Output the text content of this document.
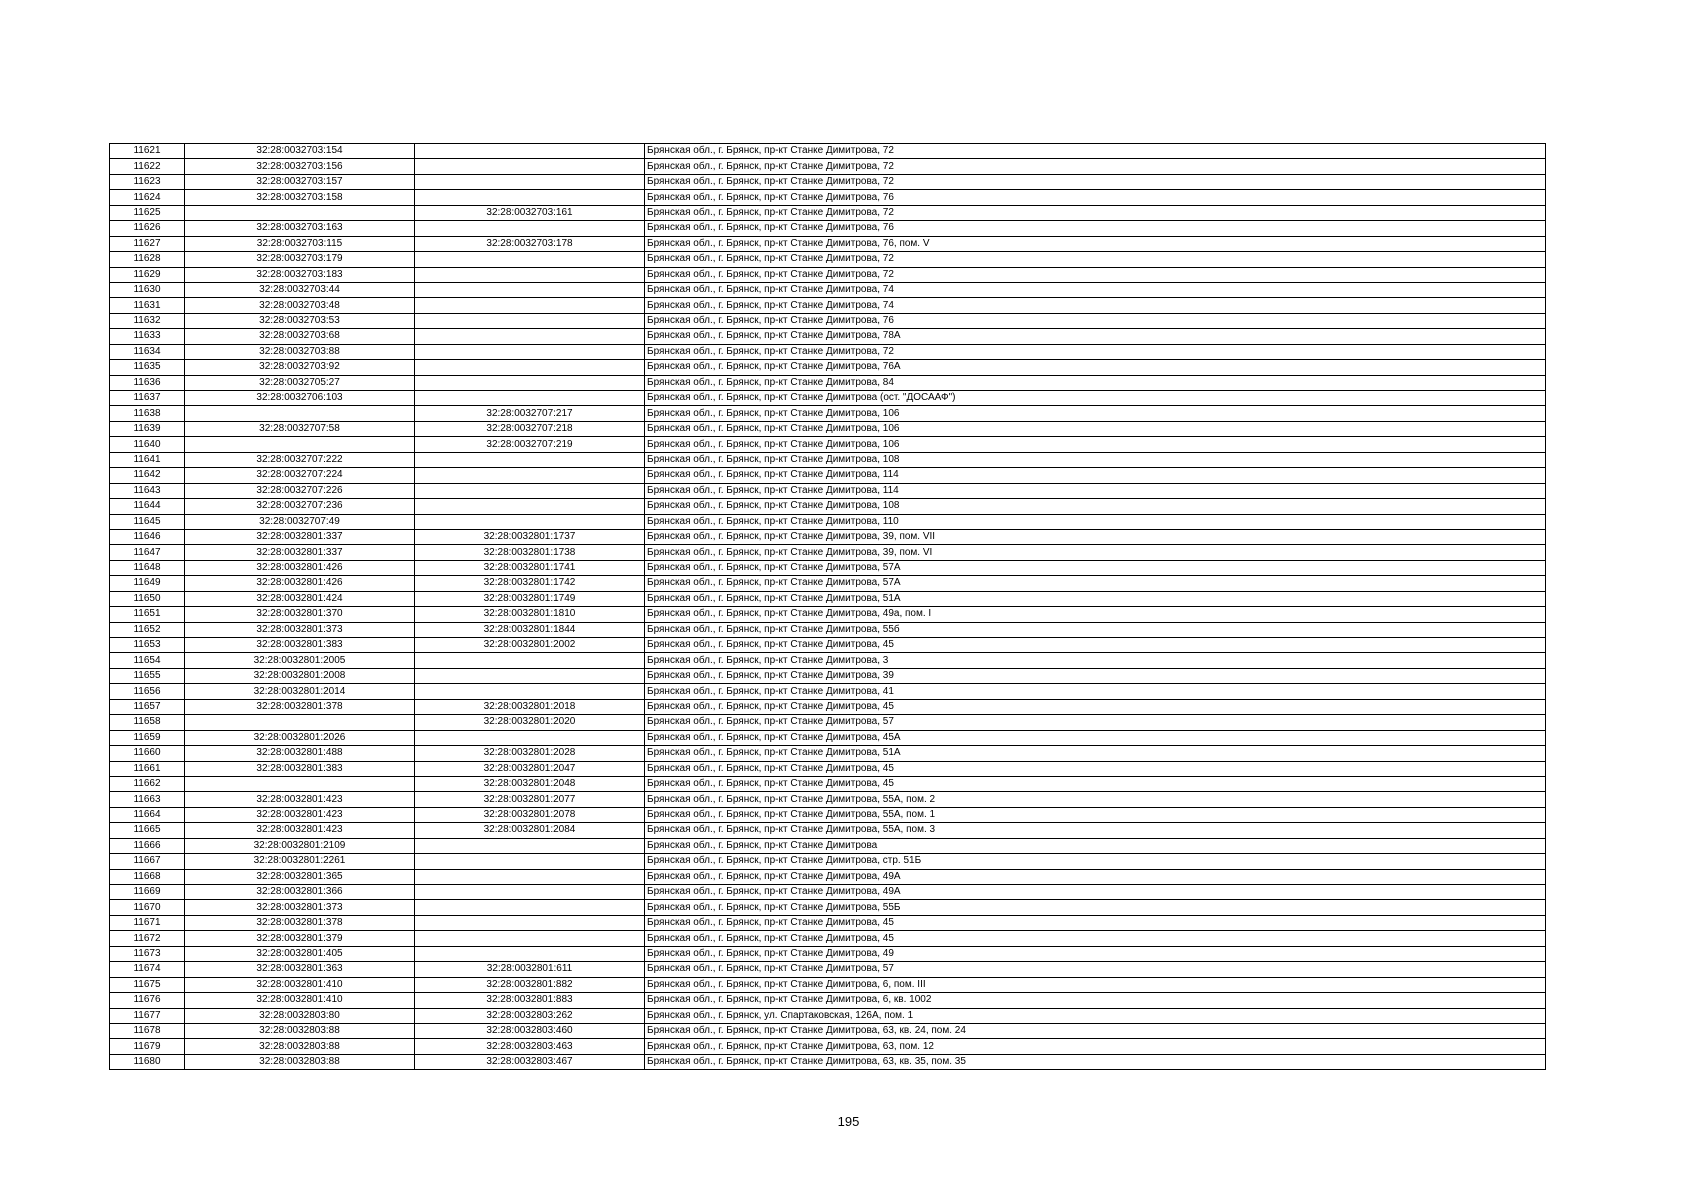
11621	32:28:0032703:154		Брянская обл., г. Брянск, пр-кт Станке Димитрова, 72
11622	32:28:0032703:156		Брянская обл., г. Брянск, пр-кт Станке Димитрова, 72
11623	32:28:0032703:157		Брянская обл., г. Брянск, пр-кт Станке Димитрова, 72
11624	32:28:0032703:158		Брянская обл., г. Брянск, пр-кт Станке Димитрова, 76
11625		32:28:0032703:161	Брянская обл., г. Брянск, пр-кт Станке Димитрова, 72
11626	32:28:0032703:163		Брянская обл., г. Брянск, пр-кт Станке Димитрова, 76
11627	32:28:0032703:115	32:28:0032703:178	Брянская обл., г. Брянск, пр-кт Станке Димитрова, 76, пом. V
11628	32:28:0032703:179		Брянская обл., г. Брянск, пр-кт Станке Димитрова, 72
11629	32:28:0032703:183		Брянская обл., г. Брянск, пр-кт Станке Димитрова, 72
11630	32:28:0032703:44		Брянская обл., г. Брянск, пр-кт Станке Димитрова, 74
11631	32:28:0032703:48		Брянская обл., г. Брянск, пр-кт Станке Димитрова, 74
11632	32:28:0032703:53		Брянская обл., г. Брянск, пр-кт Станке Димитрова, 76
11633	32:28:0032703:68		Брянская обл., г. Брянск, пр-кт Станке Димитрова, 78А
11634	32:28:0032703:88		Брянская обл., г. Брянск, пр-кт Станке Димитрова, 72
11635	32:28:0032703:92		Брянская обл., г. Брянск, пр-кт Станке Димитрова, 76А
11636	32:28:0032705:27		Брянская обл., г. Брянск, пр-кт Станке Димитрова, 84
11637	32:28:0032706:103		Брянская обл., г. Брянск, пр-кт Станке Димитрова (ост. "ДОСААФ")
11638		32:28:0032707:217	Брянская обл., г. Брянск, пр-кт Станке Димитрова, 106
11639	32:28:0032707:58	32:28:0032707:218	Брянская обл., г. Брянск, пр-кт Станке Димитрова, 106
11640		32:28:0032707:219	Брянская обл., г. Брянск, пр-кт Станке Димитрова, 106
11641	32:28:0032707:222		Брянская обл., г. Брянск, пр-кт Станке Димитрова, 108
11642	32:28:0032707:224		Брянская обл., г. Брянск, пр-кт Станке Димитрова, 114
11643	32:28:0032707:226		Брянская обл., г. Брянск, пр-кт Станке Димитрова, 114
11644	32:28:0032707:236		Брянская обл., г. Брянск, пр-кт Станке Димитрова, 108
11645	32:28:0032707:49		Брянская обл., г. Брянск, пр-кт Станке Димитрова, 110
11646	32:28:0032801:337	32:28:0032801:1737	Брянская обл., г. Брянск, пр-кт Станке Димитрова, 39, пом. VII
11647	32:28:0032801:337	32:28:0032801:1738	Брянская обл., г. Брянск, пр-кт Станке Димитрова, 39, пом. VI
11648	32:28:0032801:426	32:28:0032801:1741	Брянская обл., г. Брянск, пр-кт Станке Димитрова, 57А
11649	32:28:0032801:426	32:28:0032801:1742	Брянская обл., г. Брянск, пр-кт Станке Димитрова, 57А
11650	32:28:0032801:424	32:28:0032801:1749	Брянская обл., г. Брянск, пр-кт Станке Димитрова, 51А
11651	32:28:0032801:370	32:28:0032801:1810	Брянская обл., г. Брянск, пр-кт Станке Димитрова, 49а, пом. I
11652	32:28:0032801:373	32:28:0032801:1844	Брянская обл., г. Брянск, пр-кт Станке Димитрова, 55б
11653	32:28:0032801:383	32:28:0032801:2002	Брянская обл., г. Брянск, пр-кт Станке Димитрова, 45
11654	32:28:0032801:2005		Брянская обл., г. Брянск, пр-кт Станке Димитрова, 3
11655	32:28:0032801:2008		Брянская обл., г. Брянск, пр-кт Станке Димитрова, 39
11656	32:28:0032801:2014		Брянская обл., г. Брянск, пр-кт Станке Димитрова, 41
11657	32:28:0032801:378	32:28:0032801:2018	Брянская обл., г. Брянск, пр-кт Станке Димитрова, 45
11658		32:28:0032801:2020	Брянская обл., г. Брянск, пр-кт Станке Димитрова, 57
11659	32:28:0032801:2026		Брянская обл., г. Брянск, пр-кт Станке Димитрова, 45А
11660	32:28:0032801:488	32:28:0032801:2028	Брянская обл., г. Брянск, пр-кт Станке Димитрова, 51А
11661	32:28:0032801:383	32:28:0032801:2047	Брянская обл., г. Брянск, пр-кт Станке Димитрова, 45
11662		32:28:0032801:2048	Брянская обл., г. Брянск, пр-кт Станке Димитрова, 45
11663	32:28:0032801:423	32:28:0032801:2077	Брянская обл., г. Брянск, пр-кт Станке Димитрова, 55А, пом. 2
11664	32:28:0032801:423	32:28:0032801:2078	Брянская обл., г. Брянск, пр-кт Станке Димитрова, 55А, пом. 1
11665	32:28:0032801:423	32:28:0032801:2084	Брянская обл., г. Брянск, пр-кт Станке Димитрова, 55А, пом. 3
11666	32:28:0032801:2109		Брянская обл., г. Брянск, пр-кт Станке Димитрова
11667	32:28:0032801:2261		Брянская обл., г. Брянск, пр-кт Станке Димитрова, стр. 51Б
11668	32:28:0032801:365		Брянская обл., г. Брянск, пр-кт Станке Димитрова, 49А
11669	32:28:0032801:366		Брянская обл., г. Брянск, пр-кт Станке Димитрова, 49А
11670	32:28:0032801:373		Брянская обл., г. Брянск, пр-кт Станке Димитрова, 55Б
11671	32:28:0032801:378		Брянская обл., г. Брянск, пр-кт Станке Димитрова, 45
11672	32:28:0032801:379		Брянская обл., г. Брянск, пр-кт Станке Димитрова, 45
11673	32:28:0032801:405		Брянская обл., г. Брянск, пр-кт Станке Димитрова, 49
11674	32:28:0032801:363	32:28:0032801:611	Брянская обл., г. Брянск, пр-кт Станке Димитрова, 57
11675	32:28:0032801:410	32:28:0032801:882	Брянская обл., г. Брянск, пр-кт Станке Димитрова, 6, пом. III
11676	32:28:0032801:410	32:28:0032801:883	Брянская обл., г. Брянск, пр-кт Станке Димитрова, 6, кв. 1002
11677	32:28:0032803:80	32:28:0032803:262	Брянская обл., г. Брянск, ул. Спартаковская, 126А, пом. 1
11678	32:28:0032803:88	32:28:0032803:460	Брянская обл., г. Брянск, пр-кт Станке Димитрова, 63, кв. 24, пом. 24
11679	32:28:0032803:88	32:28:0032803:463	Брянская обл., г. Брянск, пр-кт Станке Димитрова, 63, пом. 12
11680	32:28:0032803:88	32:28:0032803:467	Брянская обл., г. Брянск, пр-кт Станке Димитрова, 63, кв. 35, пом. 35
195
